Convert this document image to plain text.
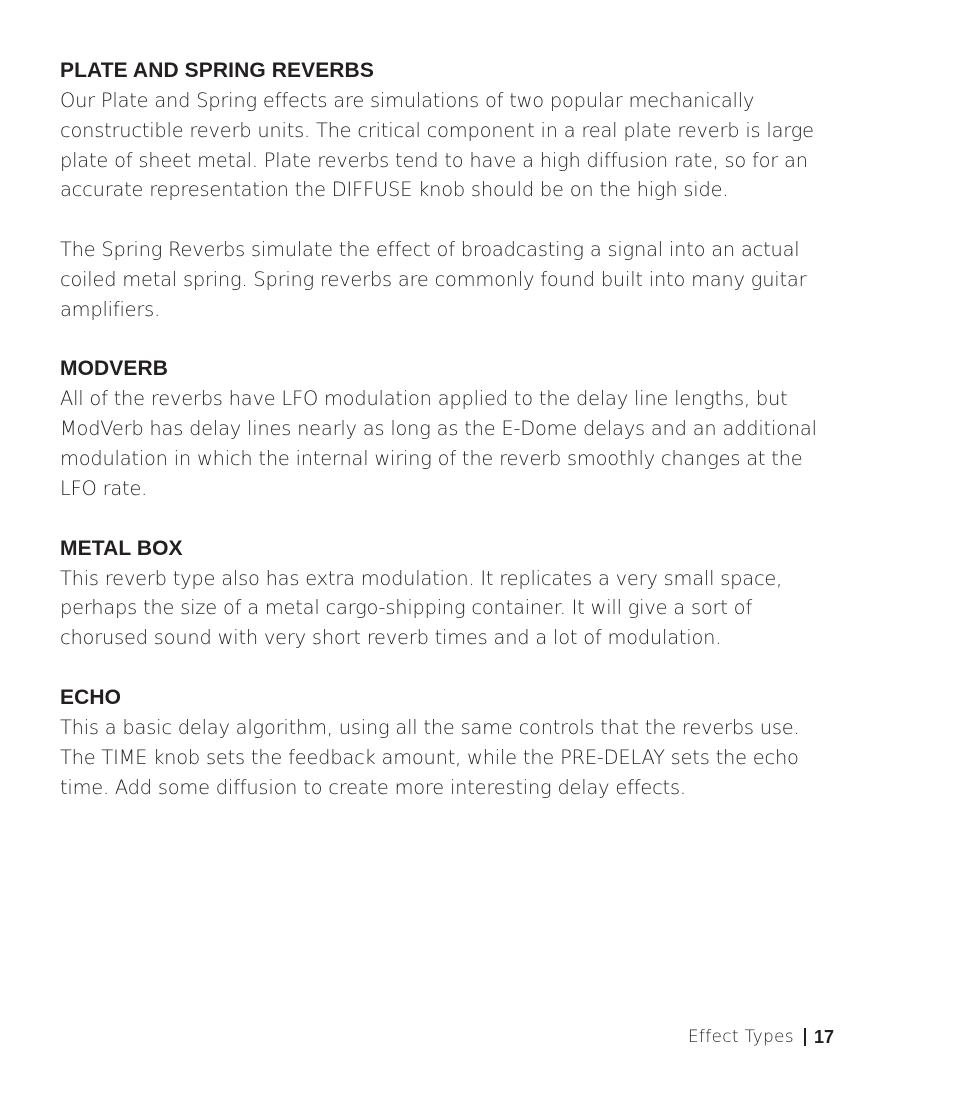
PLATE AND SPRING REVERBS

Our Plate and Spring effects are simulations of two popular mechanically constructible reverb units. The critical component in a real plate reverb is large plate of sheet metal. Plate reverbs tend to have a high diffusion rate, so for an accurate representation the DIFFUSE knob should be on the high side.

The Spring Reverbs simulate the effect of broadcasting a signal into an actual coiled metal spring. Spring reverbs are commonly found built into many guitar amplifiers.

MODVERB

All of the reverbs have LFO modulation applied to the delay line lengths, but ModVerb has delay lines nearly as long as the E-Dome delays and an additional modulation in which the internal wiring of the reverb smoothly changes at the LFO rate.

METAL BOX

This reverb type also has extra modulation. It replicates a very small space, perhaps the size of a metal cargo-shipping container. It will give a sort of chorused sound with very short reverb times and a lot of modulation.

ECHO

This a basic delay algorithm, using all the same controls that the reverbs use. The TIME knob sets the feedback amount, while the PRE-DELAY sets the echo time. Add some diffusion to create more interesting delay effects.

Effect Types 17
